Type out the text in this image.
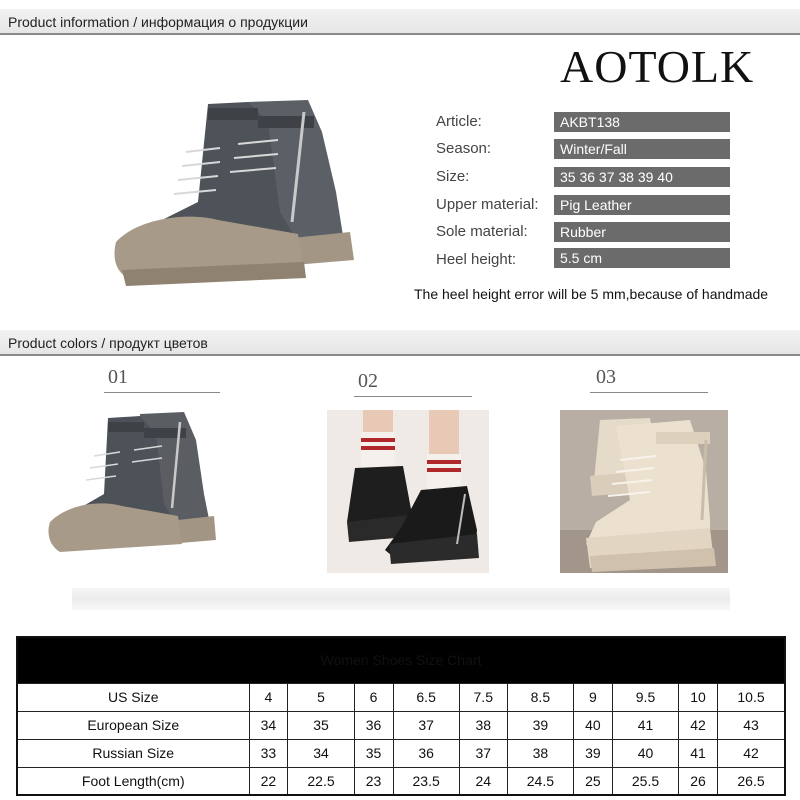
Product information / информация о продукции
AOTOLK
Article:	AKBT138
Season:	Winter/Fall
Size:	35 36 37 38 39 40
Upper material:	Pig Leather
Sole material:	Rubber
Heel height:	5.5 cm
The heel height error will be 5 mm,because of handmade
Product colors / продукт цветов
01	02	03
Women Shoes Size Chart										
US Size	4	5	6	6.5	7.5	8.5	9	9.5	10	10.5
European Size	34	35	36	37	38	39	40	41	42	43
Russian Size	33	34	35	36	37	38	39	40	41	42
Foot Length(cm)	22	22.5	23	23.5	24	24.5	25	25.5	26	26.5
